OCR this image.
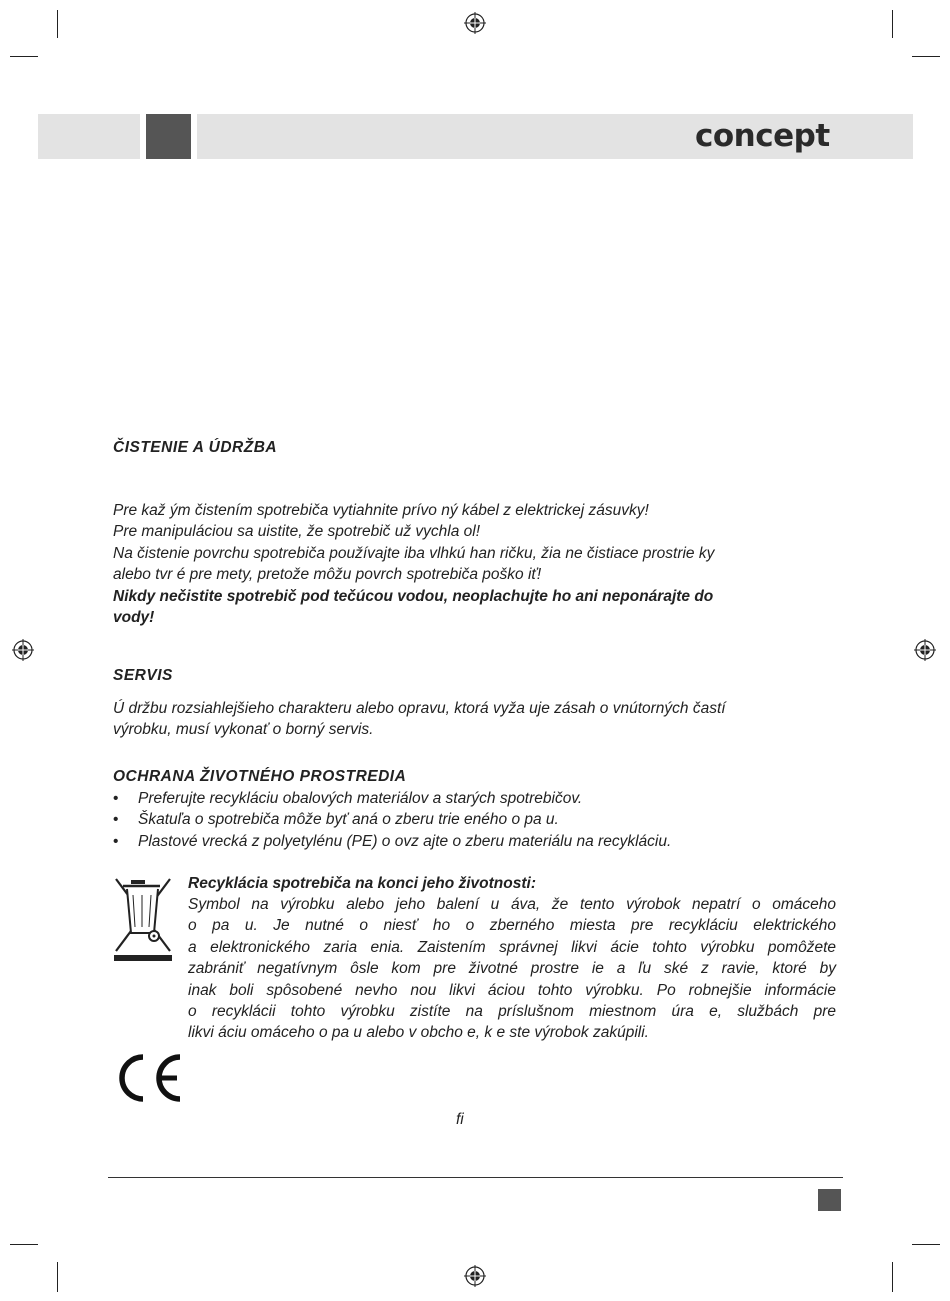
concept
ČISTENIE A ÚDRŽBA
Pre kaž ým čistením spotrebiča vytiahnite prívo ný kábel z elektrickej zásuvky!
Pre manipuláciou sa uistite, že spotrebič už vychla ol!
Na čistenie povrchu spotrebiča používajte iba vlhkú han ričku, žia ne čistiace prostrie ky
alebo tvr é pre mety, pretože môžu povrch spotrebiča poško iť!
Nikdy nečistite spotrebič pod tečúcou vodou, neoplachujte ho ani neponárajte do
vody!
SERVIS
Ú držbu rozsiahlejšieho charakteru alebo opravu, ktorá vyža uje zásah o vnútorných častí
výrobku, musí vykonať o borný servis.
OCHRANA ŽIVOTNÉHO PROSTREDIA
• Preferujte recykláciu obalových materiálov a starých spotrebičov.
• Škatuľa o spotrebiča môže byť aná o zberu trie eného o pa u.
• Plastové vrecká z polyetylénu (PE) o ovz ajte o zberu materiálu na recykláciu.
Recyklácia spotrebiča na konci jeho životnosti:
Symbol na výrobku alebo jeho balení u áva, že tento výrobok nepatrí o omáceho
o pa u. Je nutné o niesť ho o zberného miesta pre recykláciu elektrického
a elektronického zaria enia. Zaistením správnej likvi ácie tohto výrobku pomôžete
zabrániť negatívnym ôsle kom pre životné prostre ie a ľu ské z ravie, ktoré by
inak boli spôsobené nevho nou likvi áciou tohto výrobku. Po robnejšie informácie
o recyklácii tohto výrobku zistíte na príslušnom miestnom úra e, službách pre
likvi áciu omáceho o pa u alebo v obcho e, k e ste výrobok zakúpili.
fi
